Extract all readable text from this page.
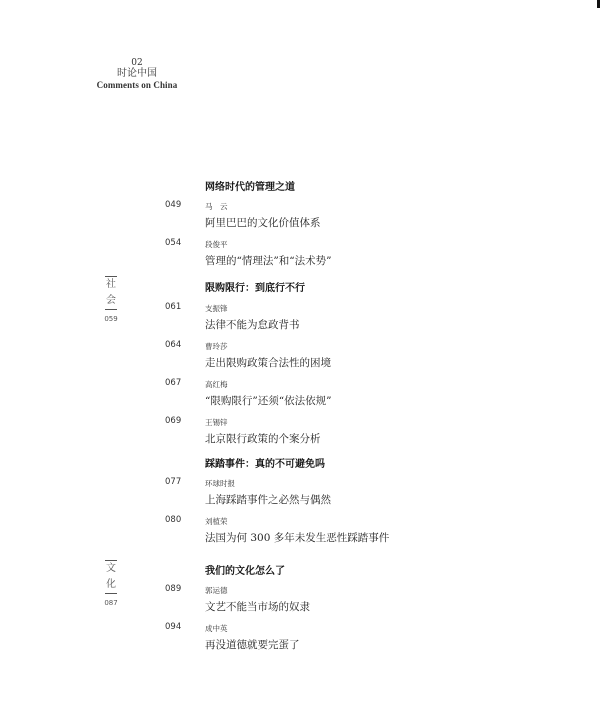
02
时论中国
Comments on China
社
会
059
文
化
087
网络时代的管理之道
049	马　云
阿里巴巴的文化价值体系
054	段俊平
管理的“情理法”和“法术势”
限购限行：到底行不行
061	支振锋
法律不能为怠政背书
064	曹玲莎
走出限购政策合法性的困境
067	高红梅
“限购限行”还须“依法依规”
069	王锡锌
北京限行政策的个案分析
踩踏事件：真的不可避免吗
077	环球时报
上海踩踏事件之必然与偶然
080	刘植荣
法国为何 300 多年未发生恶性踩踏事件
我们的文化怎么了
089	郭运德
文艺不能当市场的奴隶
094	成中英
再没道德就要完蛋了
